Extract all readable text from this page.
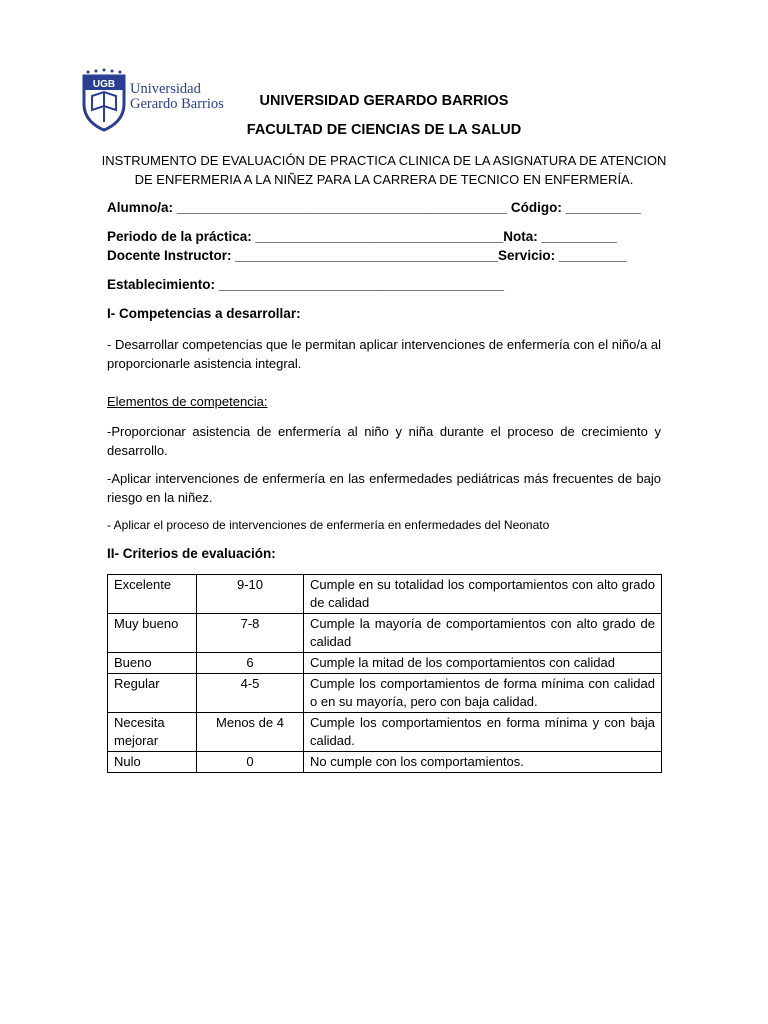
UGB Universidad
Gerardo Barrios	UNIVERSIDAD GERARDO BARRIOS
FACULTAD DE CIENCIAS DE LA SALUD
INSTRUMENTO DE EVALUACIÓN DE PRACTICA CLINICA DE LA ASIGNATURA DE ATENCION
DE ENFERMERIA A LA NIÑEZ PARA LA CARRERA DE TECNICO EN ENFERMERÍA.
Alumno/a: ____________________________________________ Código: __________
Periodo de la práctica: _________________________________Nota: __________
Docente Instructor: ___________________________________Servicio: _________
Establecimiento: ______________________________________
I- Competencias a desarrollar:
- Desarrollar competencias que le permitan aplicar intervenciones de enfermería con el niño/a al proporcionarle asistencia integral.
Elementos de competencia:
-Proporcionar asistencia de enfermería al niño y niña durante el proceso de crecimiento y desarrollo.
-Aplicar intervenciones de enfermería en las enfermedades pediátricas más frecuentes de bajo riesgo en la niñez.
- Aplicar el proceso de intervenciones de enfermería en enfermedades del Neonato
II- Criterios de evaluación:
Excelente	9-10	Cumple en su totalidad los comportamientos con alto grado de calidad
Muy bueno	7-8	Cumple la mayoría de comportamientos con alto grado de calidad
Bueno	6	Cumple la mitad de los comportamientos con calidad
Regular	4-5	Cumple los comportamientos de forma mínima con calidad o en su mayoría, pero con baja calidad.
Necesita mejorar	Menos de 4	Cumple los comportamientos en forma mínima y con baja calidad.
Nulo	0	No cumple con los comportamientos.
